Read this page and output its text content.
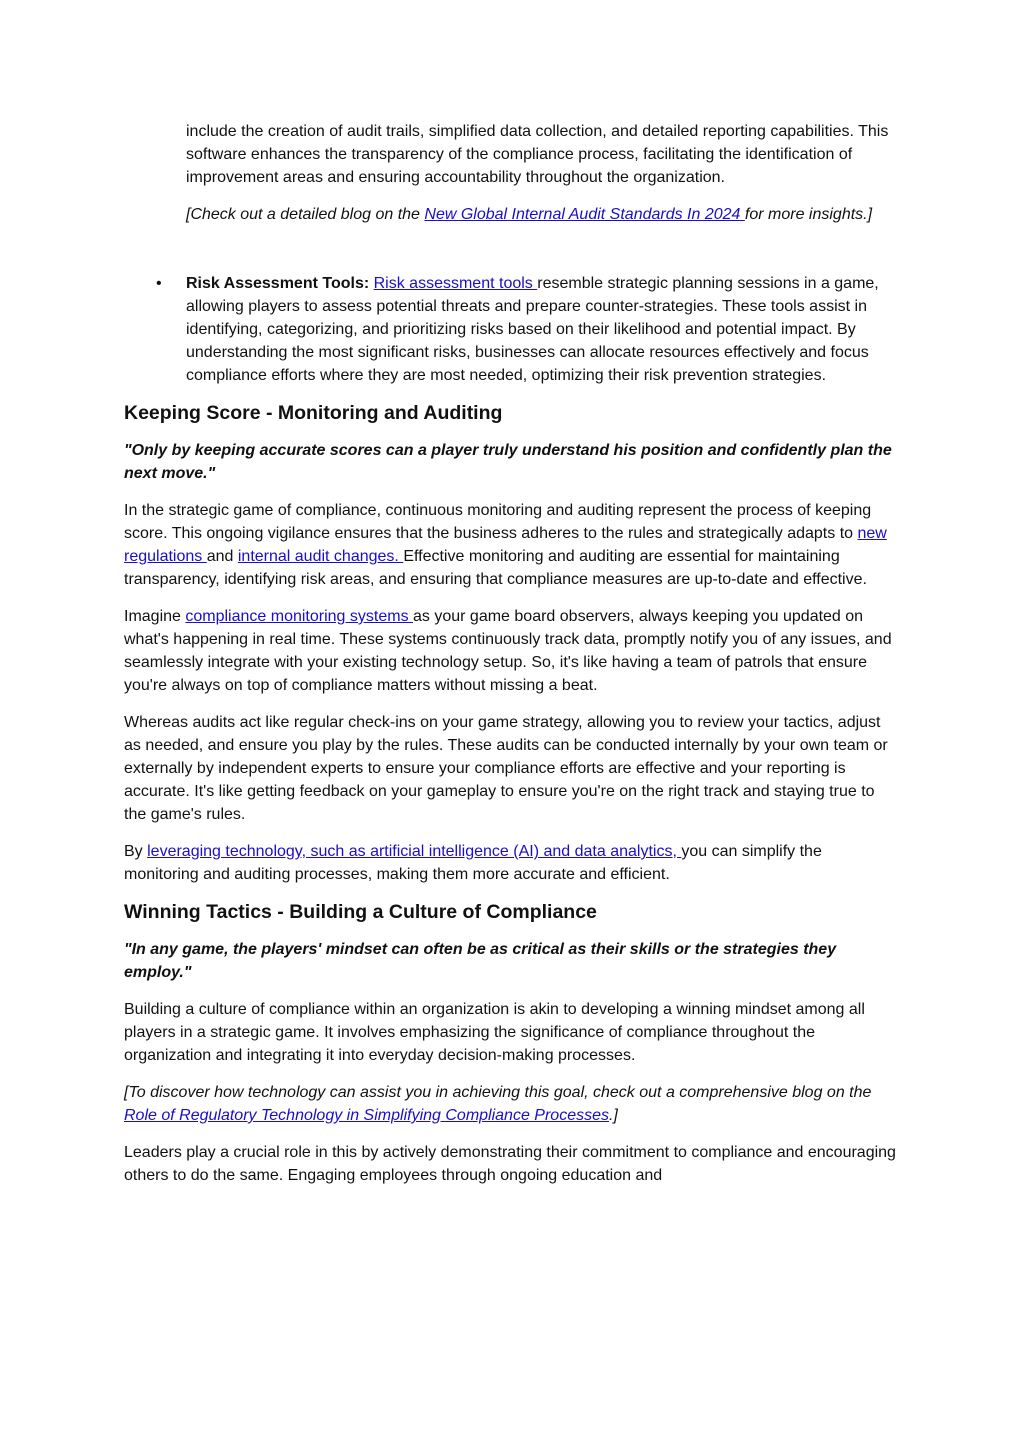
include the creation of audit trails, simplified data collection, and detailed reporting capabilities. This software enhances the transparency of the compliance process, facilitating the identification of improvement areas and ensuring accountability throughout the organization.

[Check out a detailed blog on the New Global Internal Audit Standards In 2024 for more insights.]

• Risk Assessment Tools: Risk assessment tools resemble strategic planning sessions in a game, allowing players to assess potential threats and prepare counter-strategies. These tools assist in identifying, categorizing, and prioritizing risks based on their likelihood and potential impact. By understanding the most significant risks, businesses can allocate resources effectively and focus compliance efforts where they are most needed, optimizing their risk prevention strategies.

Keeping Score - Monitoring and Auditing

"Only by keeping accurate scores can a player truly understand his position and confidently plan the next move."

In the strategic game of compliance, continuous monitoring and auditing represent the process of keeping score. This ongoing vigilance ensures that the business adheres to the rules and strategically adapts to new regulations and internal audit changes. Effective monitoring and auditing are essential for maintaining transparency, identifying risk areas, and ensuring that compliance measures are up-to-date and effective.

Imagine compliance monitoring systems as your game board observers, always keeping you updated on what's happening in real time. These systems continuously track data, promptly notify you of any issues, and seamlessly integrate with your existing technology setup. So, it's like having a team of patrols that ensure you're always on top of compliance matters without missing a beat.

Whereas audits act like regular check-ins on your game strategy, allowing you to review your tactics, adjust as needed, and ensure you play by the rules. These audits can be conducted internally by your own team or externally by independent experts to ensure your compliance efforts are effective and your reporting is accurate. It's like getting feedback on your gameplay to ensure you're on the right track and staying true to the game's rules.

By leveraging technology, such as artificial intelligence (AI) and data analytics, you can simplify the monitoring and auditing processes, making them more accurate and efficient.

Winning Tactics - Building a Culture of Compliance

"In any game, the players' mindset can often be as critical as their skills or the strategies they employ."

Building a culture of compliance within an organization is akin to developing a winning mindset among all players in a strategic game. It involves emphasizing the significance of compliance throughout the organization and integrating it into everyday decision-making processes.

[To discover how technology can assist you in achieving this goal, check out a comprehensive blog on the Role of Regulatory Technology in Simplifying Compliance Processes.]

Leaders play a crucial role in this by actively demonstrating their commitment to compliance and encouraging others to do the same. Engaging employees through ongoing education and
